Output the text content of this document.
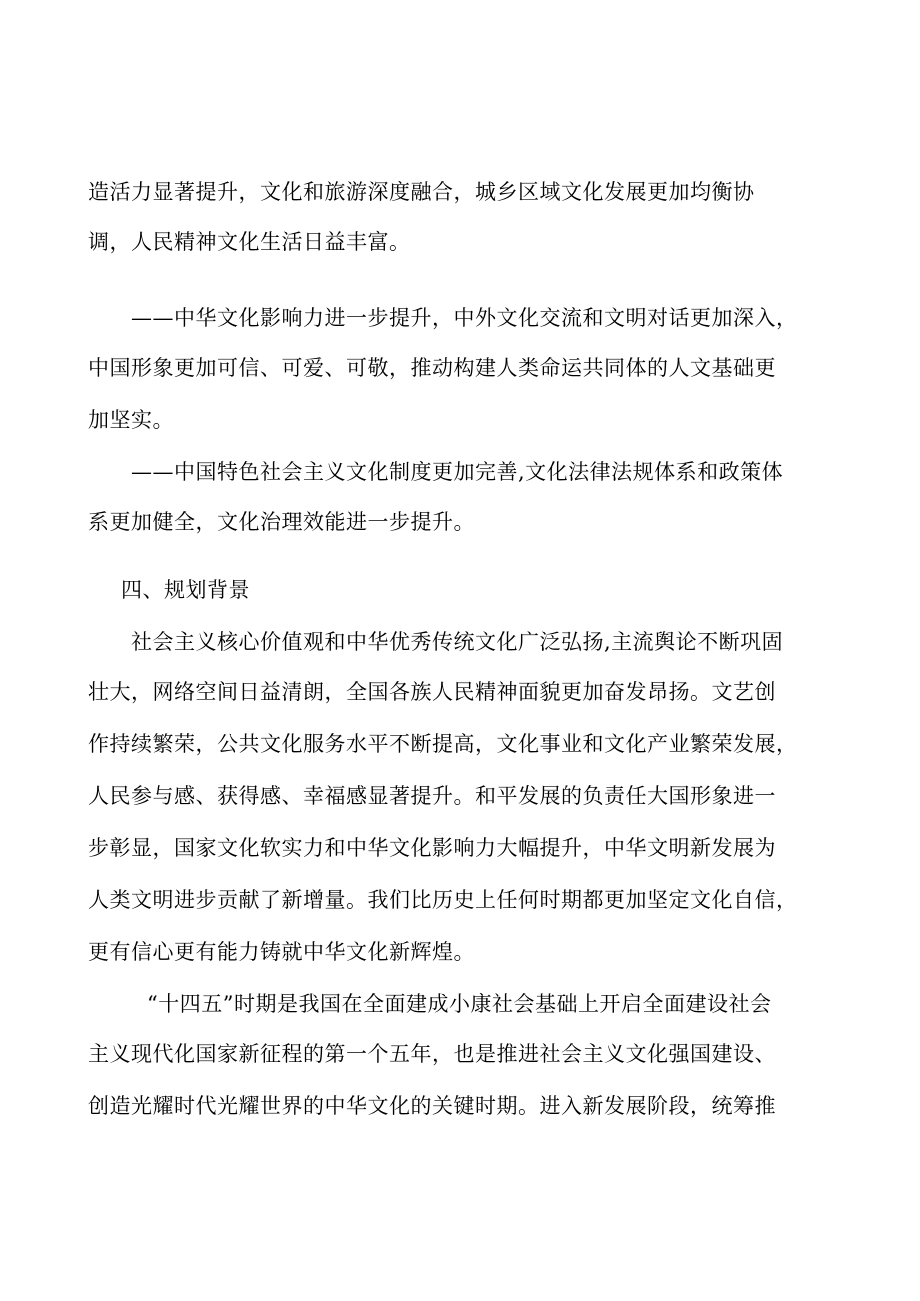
造活力显著提升，文化和旅游深度融合，城乡区域文化发展更加均衡协

调，人民精神文化生活日益丰富。

——中华文化影响力进一步提升，中外文化交流和文明对话更加深入，

中国形象更加可信、可爱、可敬，推动构建人类命运共同体的人文基础更

加坚实。

——中国特色社会主义文化制度更加完善,文化法律法规体系和政策体

系更加健全，文化治理效能进一步提升。

四、规划背景

社会主义核心价值观和中华优秀传统文化广泛弘扬,主流舆论不断巩固

壮大，网络空间日益清朗，全国各族人民精神面貌更加奋发昂扬。文艺创

作持续繁荣，公共文化服务水平不断提高，文化事业和文化产业繁荣发展，

人民参与感、获得感、幸福感显著提升。和平发展的负责任大国形象进一

步彰显，国家文化软实力和中华文化影响力大幅提升，中华文明新发展为

人类文明进步贡献了新增量。我们比历史上任何时期都更加坚定文化自信，

更有信心更有能力铸就中华文化新辉煌。

“十四五”时期是我国在全面建成小康社会基础上开启全面建设社会

主义现代化国家新征程的第一个五年，也是推进社会主义文化强国建设、

创造光耀时代光耀世界的中华文化的关键时期。进入新发展阶段，统筹推
